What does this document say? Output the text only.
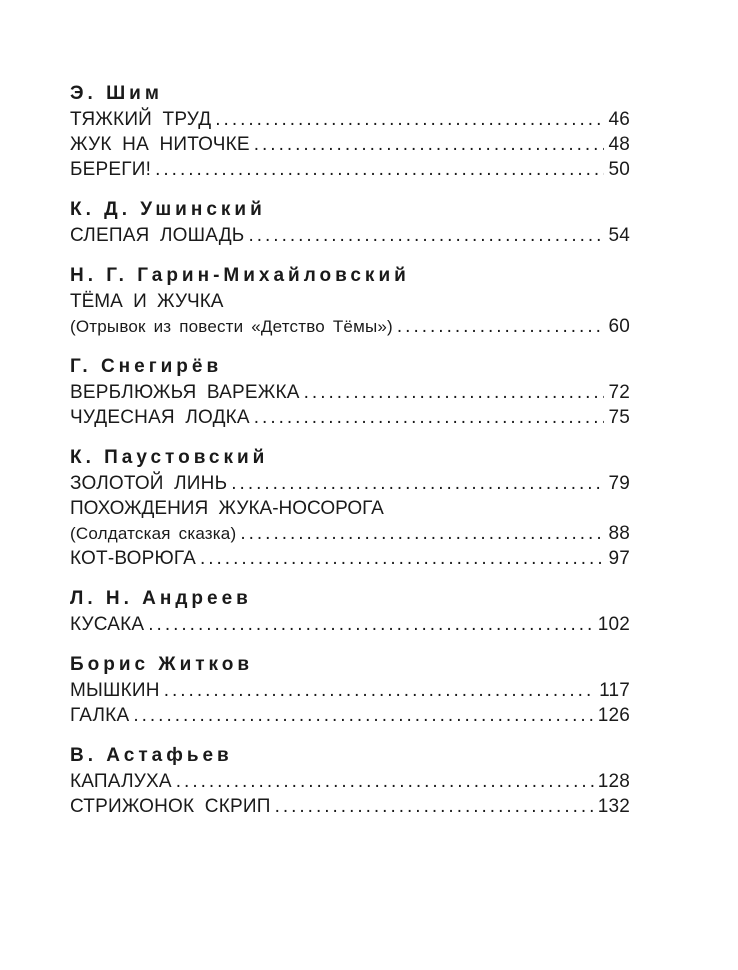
Э. Шим
ТЯЖКИЙ ТРУД .....	46
ЖУК НА НИТОЧКЕ .....	48
БЕРЕГИ! .....	50
К. Д. Ушинский
СЛЕПАЯ ЛОШАДЬ .....	54
Н. Г. Гарин-Михайловский
ТЁМА И ЖУЧКА
(Отрывок из повести «Детство Тёмы») .....	60
Г. Снегирёв
ВЕРБЛЮЖЬЯ ВАРЕЖКА .....	72
ЧУДЕСНАЯ ЛОДКА .....	75
К. Паустовский
ЗОЛОТОЙ ЛИНЬ .....	79
ПОХОЖДЕНИЯ ЖУКА-НОСОРОГА
(Солдатская сказка) .....	88
КОТ-ВОРЮГА .....	97
Л. Н. Андреев
КУСАКА .....	102
Борис Житков
МЫШКИН .....	117
ГАЛКА .....	126
В. Астафьев
КАПАЛУХА .....	128
СТРИЖОНОК СКРИП .....	132
